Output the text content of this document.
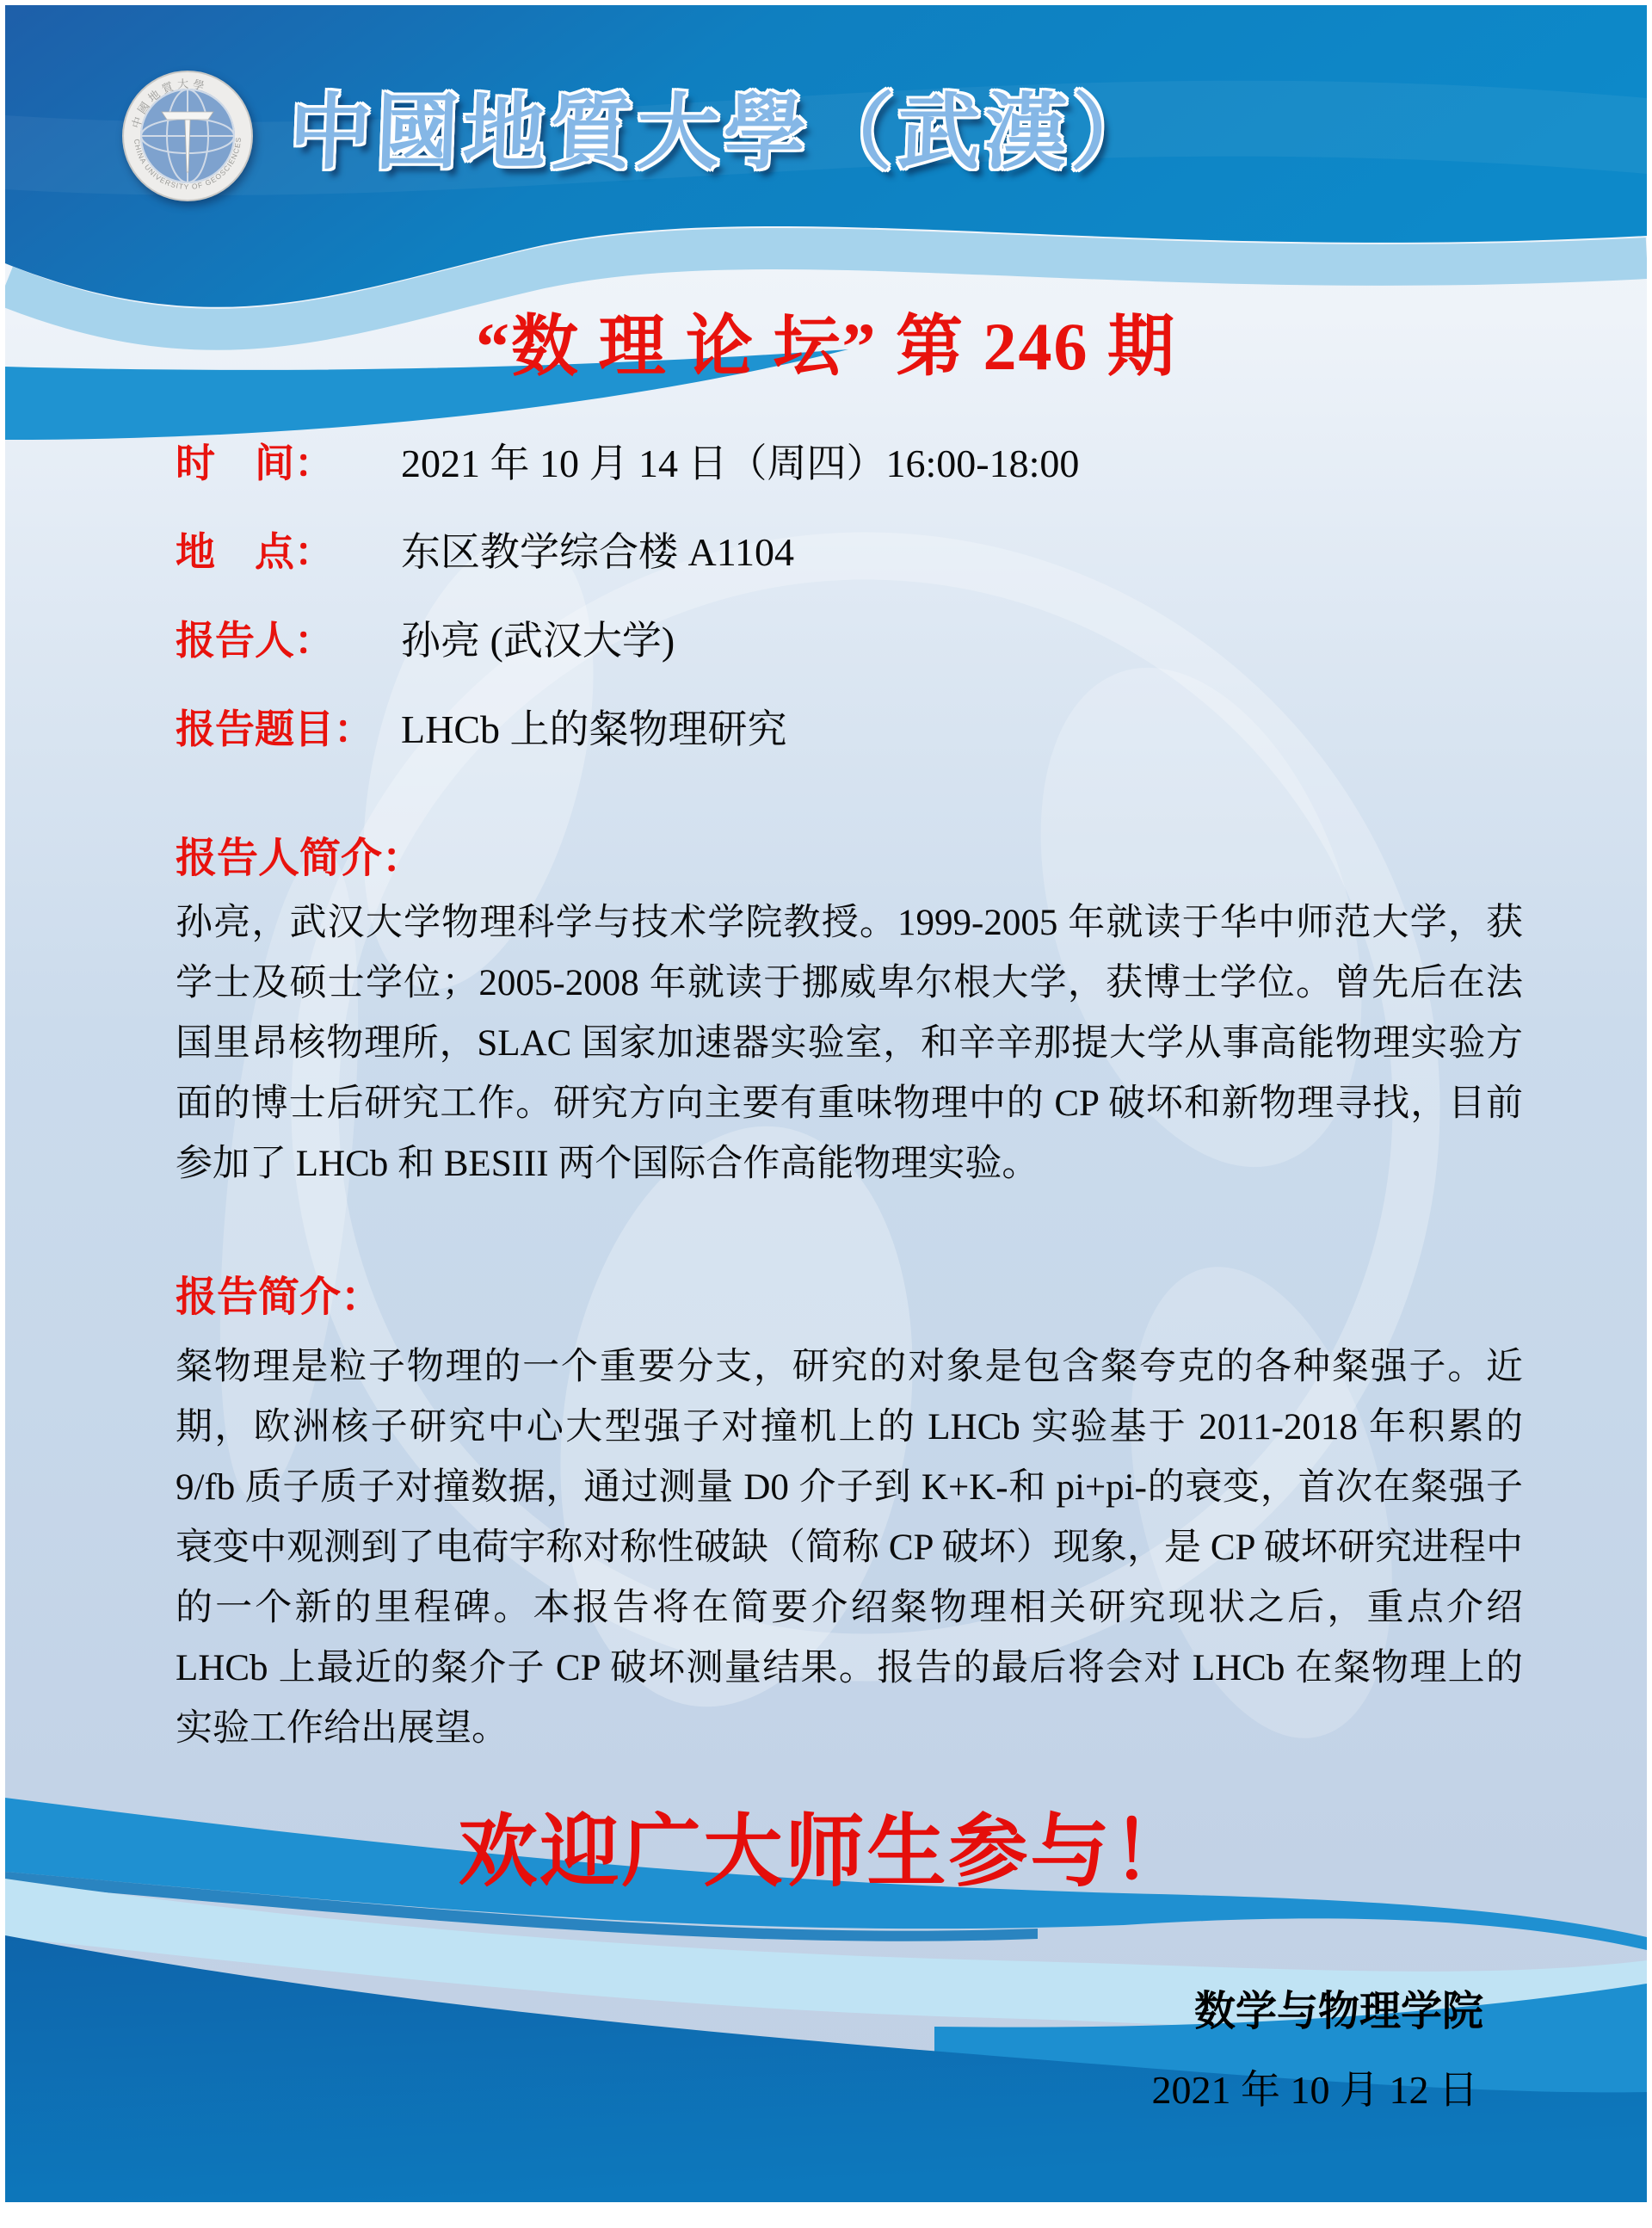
中國地質大學
CHINA UNIVERSITY OF GEOSCIENCES 中國地質大學（武漢）
“数 理 论 坛” 第 246 期
时　间：	2021 年 10 月 14 日（周四）16:00-18:00
地　点：	东区教学综合楼 A1104
报告人：	孙亮 (武汉大学)
报告题目： LHCb 上的粲物理研究
报告人简介：
孙亮，武汉大学物理科学与技术学院教授。1999-2005 年就读于华中师范大学，获学士及硕士学位；2005-2008 年就读于挪威卑尔根大学，获博士学位。曾先后在法国里昂核物理所，SLAC 国家加速器实验室，和辛辛那提大学从事高能物理实验方面的博士后研究工作。研究方向主要有重味物理中的 CP 破坏和新物理寻找，目前参加了 LHCb 和 BESIII 两个国际合作高能物理实验。
报告简介：
粲物理是粒子物理的一个重要分支，研究的对象是包含粲夸克的各种粲强子。近期，欧洲核子研究中心大型强子对撞机上的 LHCb 实验基于 2011-2018 年积累的 9/fb 质子质子对撞数据，通过测量 D0 介子到 K+K-和 pi+pi-的衰变，首次在粲强子衰变中观测到了电荷宇称对称性破缺（简称 CP 破坏）现象，是 CP 破坏研究进程中的一个新的里程碑。本报告将在简要介绍粲物理相关研究现状之后，重点介绍 LHCb 上最近的粲介子 CP 破坏测量结果。报告的最后将会对 LHCb 在粲物理上的实验工作给出展望。
欢迎广大师生参与！
数学与物理学院
2021 年 10 月 12 日
